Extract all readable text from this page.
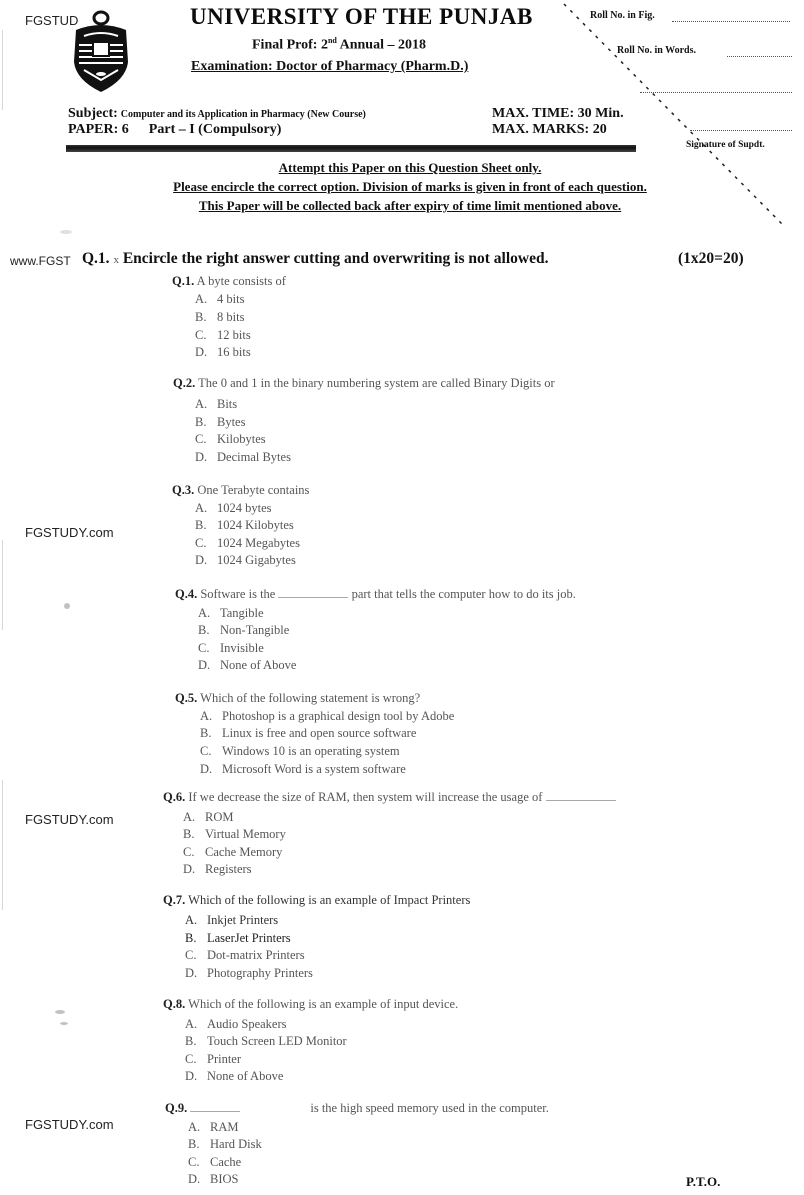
FGSTUD
www.FGST
FGSTUDY.com
FGSTUDY.com
FGSTUDY.com
UNIVERSITY OF THE PUNJAB
Final Prof: 2nd Annual – 2018
Examination: Doctor of Pharmacy (Pharm.D.)
Roll No. in Fig.
Roll No. in Words.
Signature of Supdt.
Subject: Computer and its Application in Pharmacy (New Course)
PAPER: 6 Part – I (Compulsory)
MAX. TIME: 30 Min.
MAX. MARKS: 20
Attempt this Paper on this Question Sheet only.
Please encircle the correct option. Division of marks is given in front of each question.
This Paper will be collected back after expiry of time limit mentioned above.
Q.1. x Encircle the right answer cutting and overwriting is not allowed.	(1x20=20)
Q.1. A byte consists of
A. 4 bits
B. 8 bits
C. 12 bits
D. 16 bits
Q.2. The 0 and 1 in the binary numbering system are called Binary Digits or
A. Bits
B. Bytes
C. Kilobytes
D. Decimal Bytes
Q.3. One Terabyte contains
A. 1024 bytes
B. 1024 Kilobytes
C. 1024 Megabytes
D. 1024 Gigabytes
Q.4. Software is the	part that tells the computer how to do its job.
A. Tangible
B. Non-Tangible
C. Invisible
D. None of Above
Q.5. Which of the following statement is wrong?
A. Photoshop is a graphical design tool by Adobe
B. Linux is free and open source software
C. Windows 10 is an operating system
D. Microsoft Word is a system software
Q.6. If we decrease the size of RAM, then system will increase the usage of
A. ROM
B. Virtual Memory
C. Cache Memory
D. Registers
Q.7. Which of the following is an example of Impact Printers
A. Inkjet Printers
B. LaserJet Printers
C. Dot-matrix Printers
D. Photography Printers
Q.8. Which of the following is an example of input device.
A. Audio Speakers
B. Touch Screen LED Monitor
C. Printer
D. None of Above
Q.9.	is the high speed memory used in the computer.
A. RAM
B. Hard Disk
C. Cache
D. BIOS	P.T.O.
